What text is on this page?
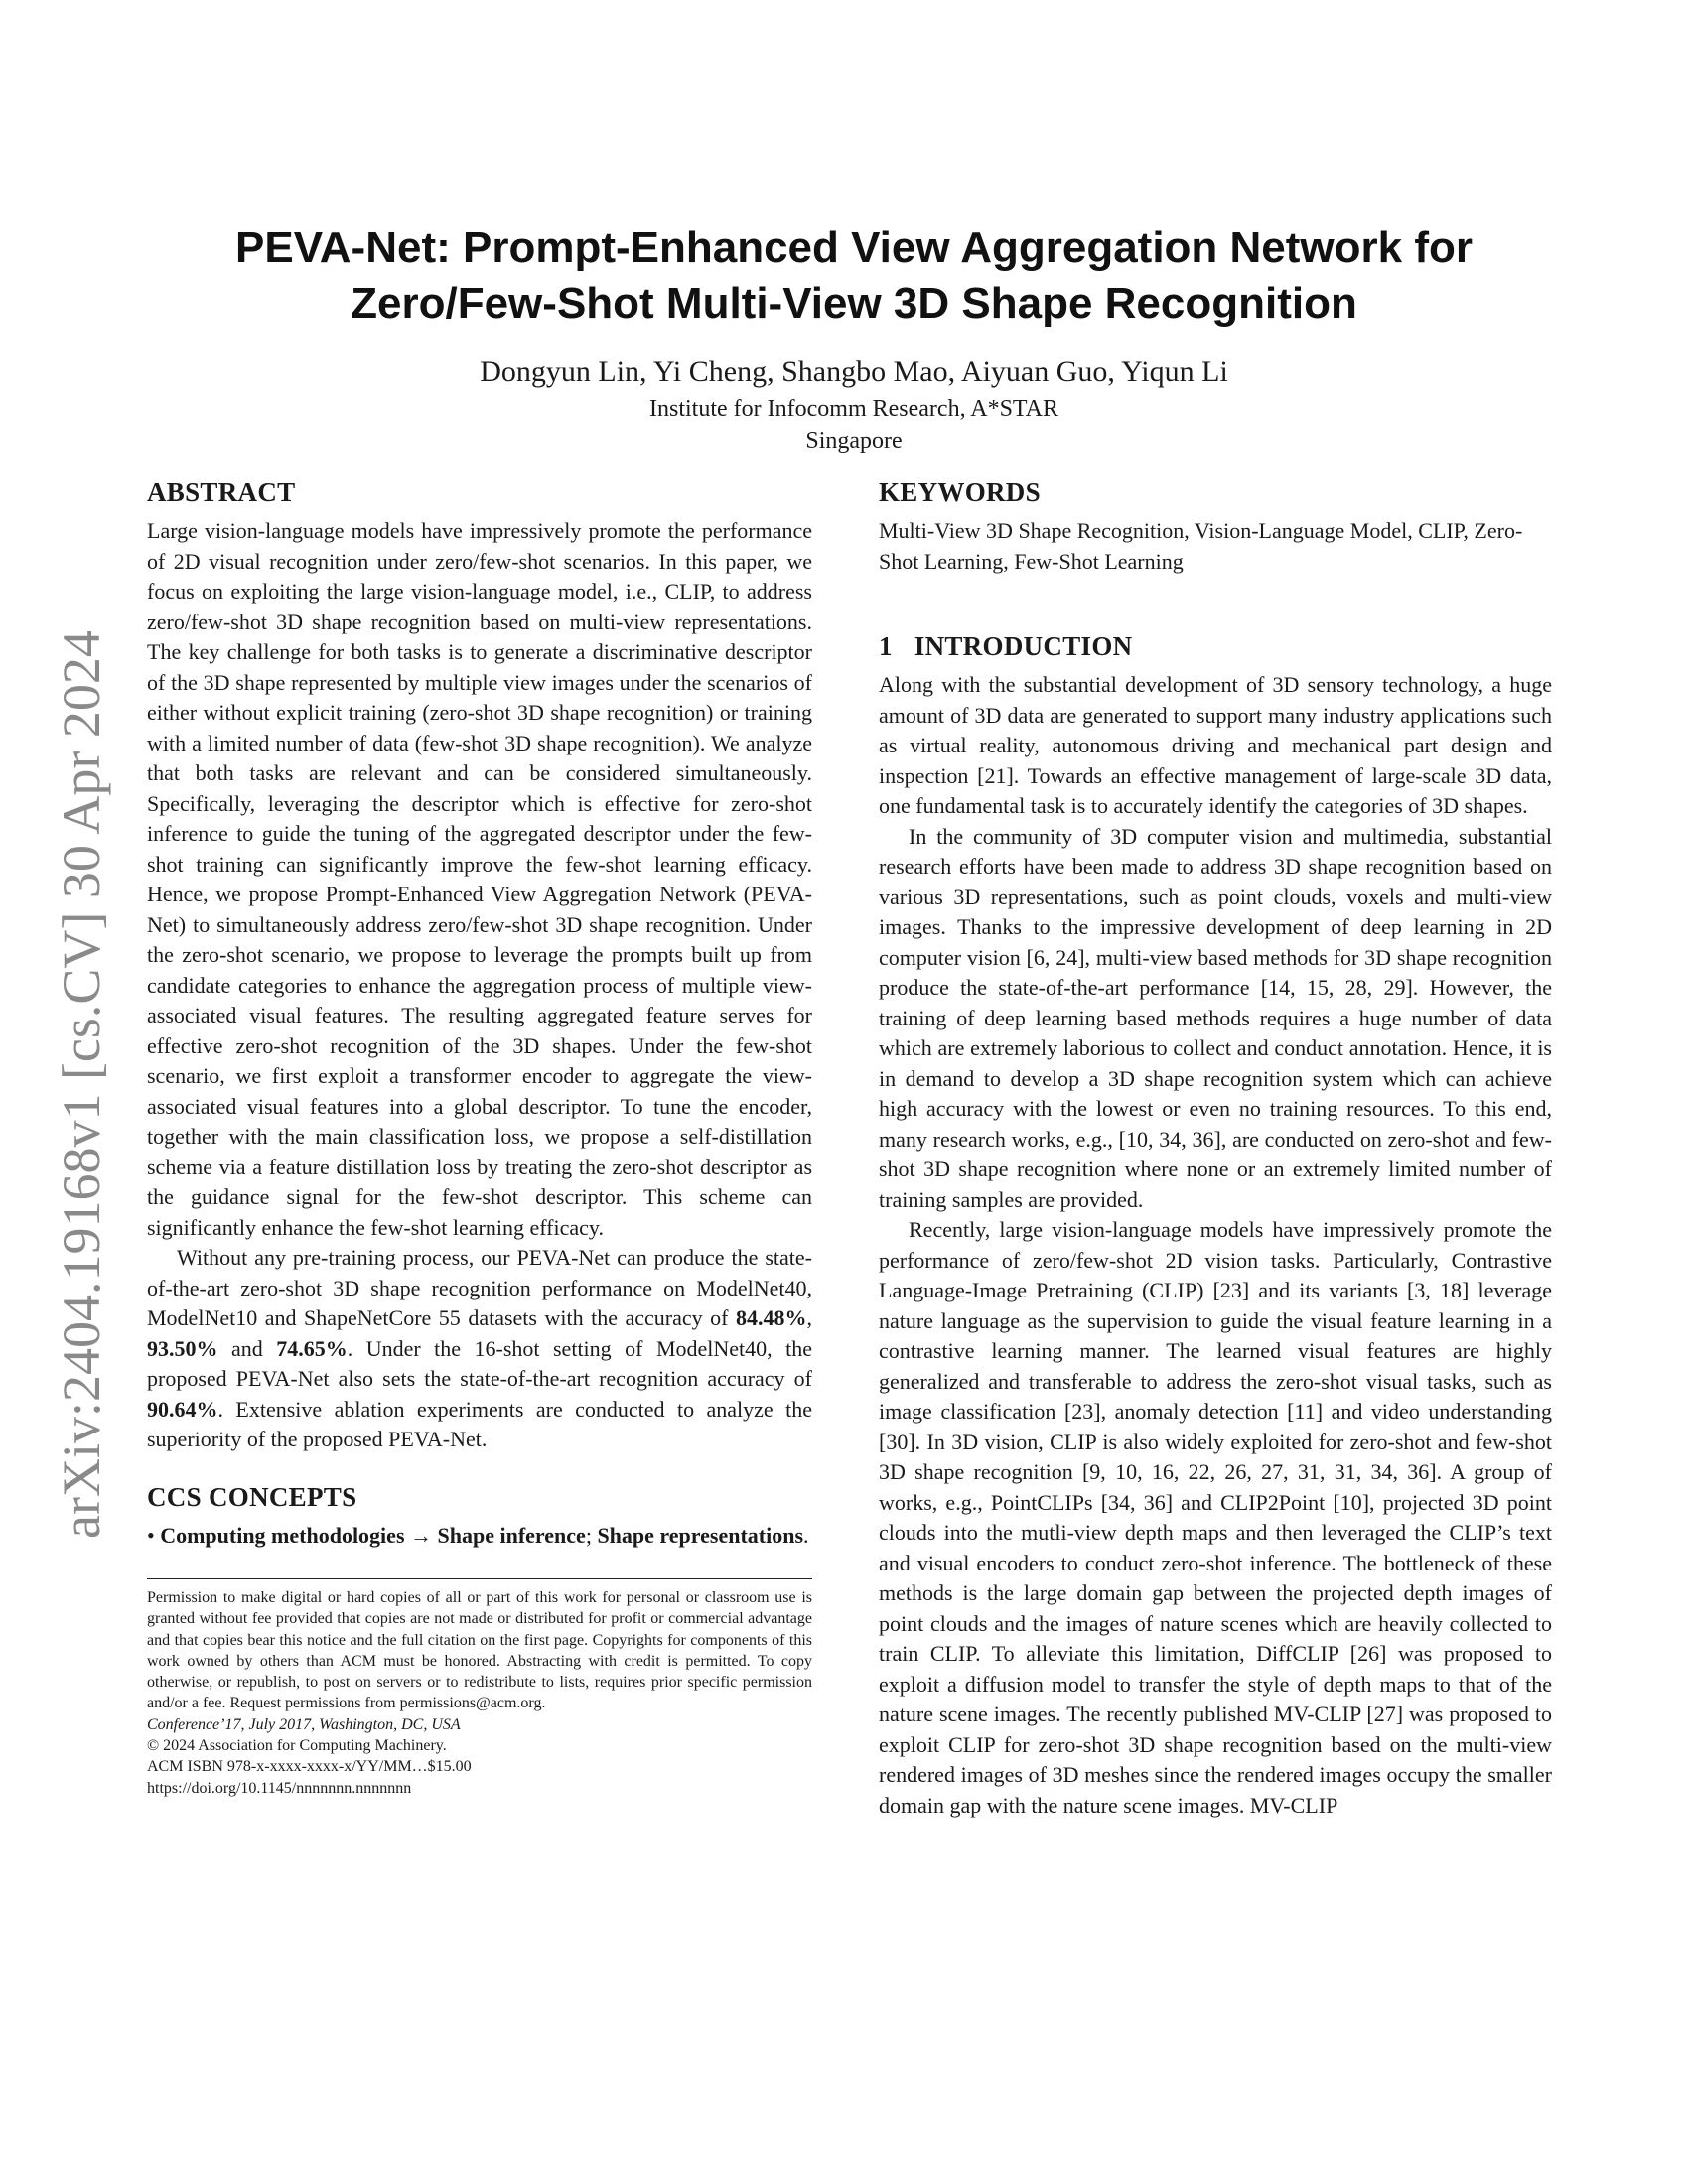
arXiv:2404.19168v1 [cs.CV] 30 Apr 2024
PEVA-Net: Prompt-Enhanced View Aggregation Network for
Zero/Few-Shot Multi-View 3D Shape Recognition

Dongyun Lin, Yi Cheng, Shangbo Mao, Aiyuan Guo, Yiqun Li

Institute for Infocomm Research, A*STAR

Singapore

ABSTRACT

Large vision-language models have impressively promote the performance of 2D visual recognition under zero/few-shot scenarios. In this paper, we focus on exploiting the large vision-language model, i.e., CLIP, to address zero/few-shot 3D shape recognition based on multi-view representations. The key challenge for both tasks is to generate a discriminative descriptor of the 3D shape represented by multiple view images under the scenarios of either without explicit training (zero-shot 3D shape recognition) or training with a limited number of data (few-shot 3D shape recognition). We analyze that both tasks are relevant and can be considered simultaneously. Specifically, leveraging the descriptor which is effective for zero-shot inference to guide the tuning of the aggregated descriptor under the few-shot training can significantly improve the few-shot learning efficacy. Hence, we propose Prompt-Enhanced View Aggregation Network (PEVA-Net) to simultaneously address zero/few-shot 3D shape recognition. Under the zero-shot scenario, we propose to leverage the prompts built up from candidate categories to enhance the aggregation process of multiple view-associated visual features. The resulting aggregated feature serves for effective zero-shot recognition of the 3D shapes. Under the few-shot scenario, we first exploit a transformer encoder to aggregate the view-associated visual features into a global descriptor. To tune the encoder, together with the main classification loss, we propose a self-distillation scheme via a feature distillation loss by treating the zero-shot descriptor as the guidance signal for the few-shot descriptor. This scheme can significantly enhance the few-shot learning efficacy.

Without any pre-training process, our PEVA-Net can produce the state-of-the-art zero-shot 3D shape recognition performance on ModelNet40, ModelNet10 and ShapeNetCore 55 datasets with the accuracy of 84.48%, 93.50% and 74.65%. Under the 16-shot setting of ModelNet40, the proposed PEVA-Net also sets the state-of-the-art recognition accuracy of 90.64%. Extensive ablation experiments are conducted to analyze the superiority of the proposed PEVA-Net.

CCS CONCEPTS

• Computing methodologies → Shape inference; Shape representations.

Permission to make digital or hard copies of all or part of this work for personal or classroom use is granted without fee provided that copies are not made or distributed for profit or commercial advantage and that copies bear this notice and the full citation on the first page. Copyrights for components of this work owned by others than ACM must be honored. Abstracting with credit is permitted. To copy otherwise, or republish, to post on servers or to redistribute to lists, requires prior specific permission and/or a fee. Request permissions from permissions@acm.org.

Conference’17, July 2017, Washington, DC, USA

© 2024 Association for Computing Machinery.

ACM ISBN 978-x-xxxx-xxxx-x/YY/MM…$15.00

https://doi.org/10.1145/nnnnnnn.nnnnnnn

KEYWORDS

Multi-View 3D Shape Recognition, Vision-Language Model, CLIP, Zero-Shot Learning, Few-Shot Learning

1 INTRODUCTION

Along with the substantial development of 3D sensory technology, a huge amount of 3D data are generated to support many industry applications such as virtual reality, autonomous driving and mechanical part design and inspection [21]. Towards an effective management of large-scale 3D data, one fundamental task is to accurately identify the categories of 3D shapes.

In the community of 3D computer vision and multimedia, substantial research efforts have been made to address 3D shape recognition based on various 3D representations, such as point clouds, voxels and multi-view images. Thanks to the impressive development of deep learning in 2D computer vision [6, 24], multi-view based methods for 3D shape recognition produce the state-of-the-art performance [14, 15, 28, 29]. However, the training of deep learning based methods requires a huge number of data which are extremely laborious to collect and conduct annotation. Hence, it is in demand to develop a 3D shape recognition system which can achieve high accuracy with the lowest or even no training resources. To this end, many research works, e.g., [10, 34, 36], are conducted on zero-shot and few-shot 3D shape recognition where none or an extremely limited number of training samples are provided.

Recently, large vision-language models have impressively promote the performance of zero/few-shot 2D vision tasks. Particularly, Contrastive Language-Image Pretraining (CLIP) [23] and its variants [3, 18] leverage nature language as the supervision to guide the visual feature learning in a contrastive learning manner. The learned visual features are highly generalized and transferable to address the zero-shot visual tasks, such as image classification [23], anomaly detection [11] and video understanding [30]. In 3D vision, CLIP is also widely exploited for zero-shot and few-shot 3D shape recognition [9, 10, 16, 22, 26, 27, 31, 31, 34, 36]. A group of works, e.g., PointCLIPs [34, 36] and CLIP2Point [10], projected 3D point clouds into the mutli-view depth maps and then leveraged the CLIP’s text and visual encoders to conduct zero-shot inference. The bottleneck of these methods is the large domain gap between the projected depth images of point clouds and the images of nature scenes which are heavily collected to train CLIP. To alleviate this limitation, DiffCLIP [26] was proposed to exploit a diffusion model to transfer the style of depth maps to that of the nature scene images. The recently published MV-CLIP [27] was proposed to exploit CLIP for zero-shot 3D shape recognition based on the multi-view rendered images of 3D meshes since the rendered images occupy the smaller domain gap with the nature scene images. MV-CLIP
